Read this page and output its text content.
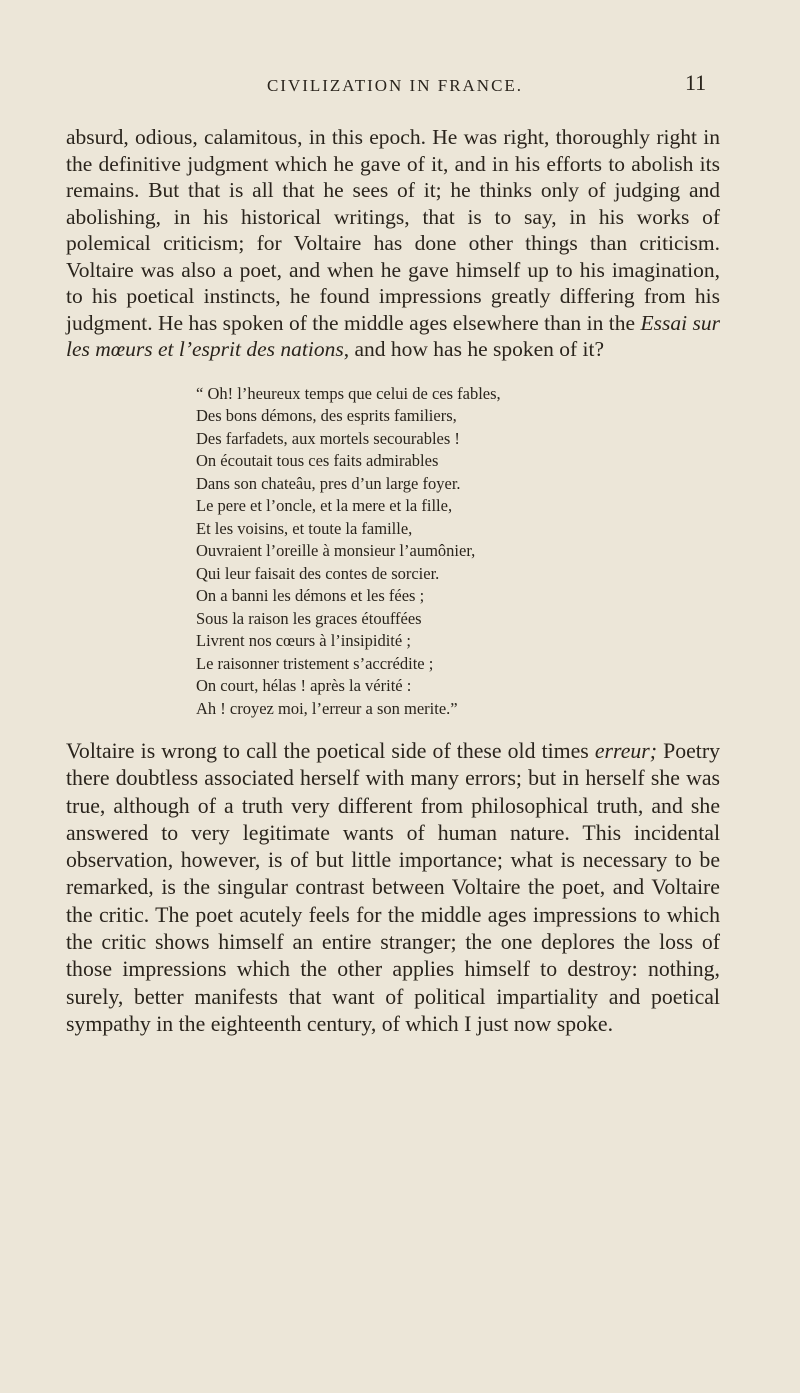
CIVILIZATION IN FRANCE.	11

absurd, odious, calamitous, in this epoch. He was right, thoroughly right in the definitive judgment which he gave of it, and in his efforts to abolish its remains. But that is all that he sees of it; he thinks only of judging and abolishing, in his historical writings, that is to say, in his works of polemical criticism; for Voltaire has done other things than criticism. Voltaire was also a poet, and when he gave himself up to his imagination, to his poetical instincts, he found impressions greatly differing from his judgment. He has spoken of the middle ages elsewhere than in the Essai sur les mœurs et l’esprit des nations, and how has he spoken of it?

“ Oh! l’heureux temps que celui de ces fables,
Des bons démons, des esprits familiers,
Des farfadets, aux mortels secourables !
On écoutait tous ces faits admirables
Dans son chateâu, pres d’un large foyer.
Le pere et l’oncle, et la mere et la fille,
Et les voisins, et toute la famille,
Ouvraient l’oreille à monsieur l’aumônier,
Qui leur faisait des contes de sorcier.
On a banni les démons et les fées ;
Sous la raison les graces étouffées
Livrent nos cœurs à l’insipidité ;
Le raisonner tristement s’accrédite ;
On court, hélas ! après la vérité :
Ah ! croyez moi, l’erreur a son merite.”

Voltaire is wrong to call the poetical side of these old times erreur; Poetry there doubtless associated herself with many errors; but in herself she was true, although of a truth very different from philosophical truth, and she answered to very legitimate wants of human nature. This incidental observation, however, is of but little importance; what is necessary to be remarked, is the singular contrast between Voltaire the poet, and Voltaire the critic. The poet acutely feels for the middle ages impressions to which the critic shows himself an entire stranger; the one deplores the loss of those impressions which the other applies himself to destroy: nothing, surely, better manifests that want of political impartiality and poetical sympathy in the eighteenth century, of which I just now spoke.
